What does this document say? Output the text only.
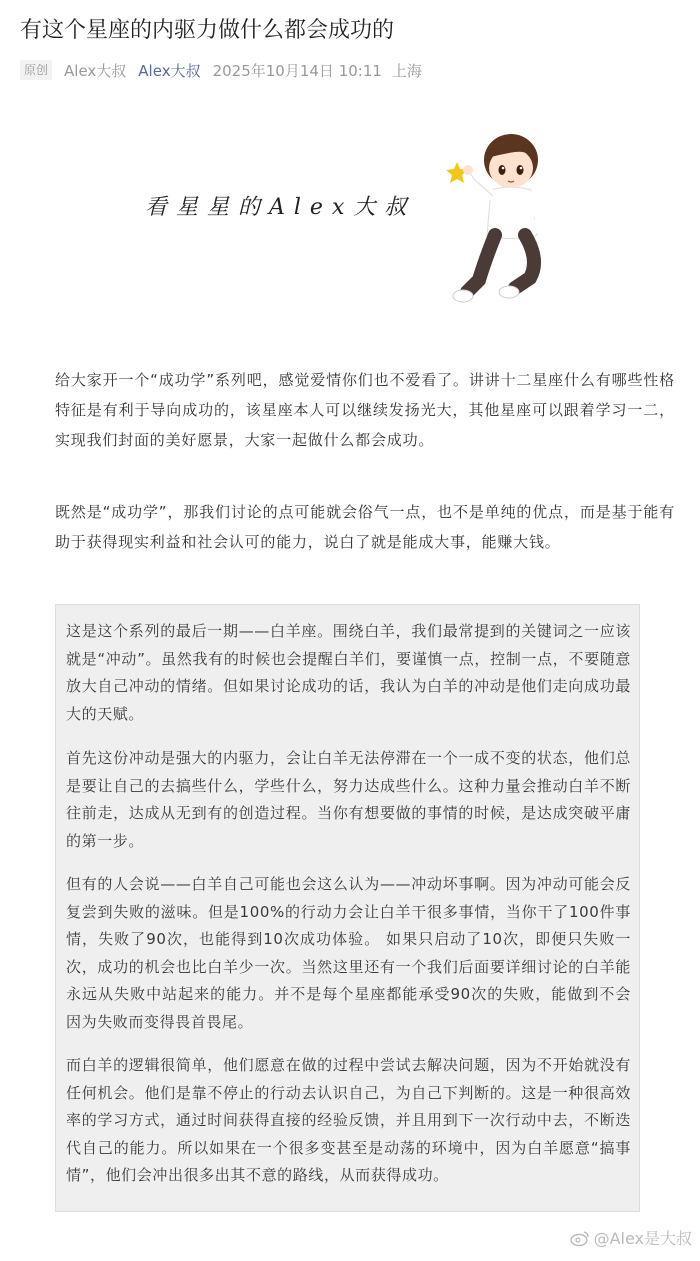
有这个星座的内驱力做什么都会成功的
原创 Alex大叔 Alex大叔 2025年10月14日 10:11 上海
看星星的Alex大叔

给大家开一个“成功学”系列吧，感觉爱情你们也不爱看了。讲讲十二星座什么有哪些性格特征是有利于导向成功的，该星座本人可以继续发扬光大，其他星座可以跟着学习一二，实现我们封面的美好愿景，大家一起做什么都会成功。

既然是“成功学”，那我们讨论的点可能就会俗气一点，也不是单纯的优点，而是基于能有助于获得现实利益和社会认可的能力，说白了就是能成大事，能赚大钱。

这是这个系列的最后一期——白羊座。围绕白羊，我们最常提到的关键词之一应该就是“冲动”。虽然我有的时候也会提醒白羊们，要谨慎一点，控制一点，不要随意放大自己冲动的情绪。但如果讨论成功的话，我认为白羊的冲动是他们走向成功最大的天赋。

首先这份冲动是强大的内驱力，会让白羊无法停滞在一个一成不变的状态，他们总是要让自己的去搞些什么，学些什么，努力达成些什么。这种力量会推动白羊不断往前走，达成从无到有的创造过程。当你有想要做的事情的时候，是达成突破平庸的第一步。

但有的人会说——白羊自己可能也会这么认为——冲动坏事啊。因为冲动可能会反复尝到失败的滋味。但是100%的行动力会让白羊干很多事情，当你干了100件事情，失败了90次，也能得到10次成功体验。 如果只启动了10次，即便只失败一次，成功的机会也比白羊少一次。当然这里还有一个我们后面要详细讨论的白羊能永远从失败中站起来的能力。并不是每个星座都能承受90次的失败，能做到不会因为失败而变得畏首畏尾。

而白羊的逻辑很简单，他们愿意在做的过程中尝试去解决问题，因为不开始就没有任何机会。他们是靠不停止的行动去认识自己，为自己下判断的。这是一种很高效率的学习方式，通过时间获得直接的经验反馈，并且用到下一次行动中去，不断迭代自己的能力。所以如果在一个很多变甚至是动荡的环境中，因为白羊愿意“搞事情”，他们会冲出很多出其不意的路线，从而获得成功。

@Alex是大叔
